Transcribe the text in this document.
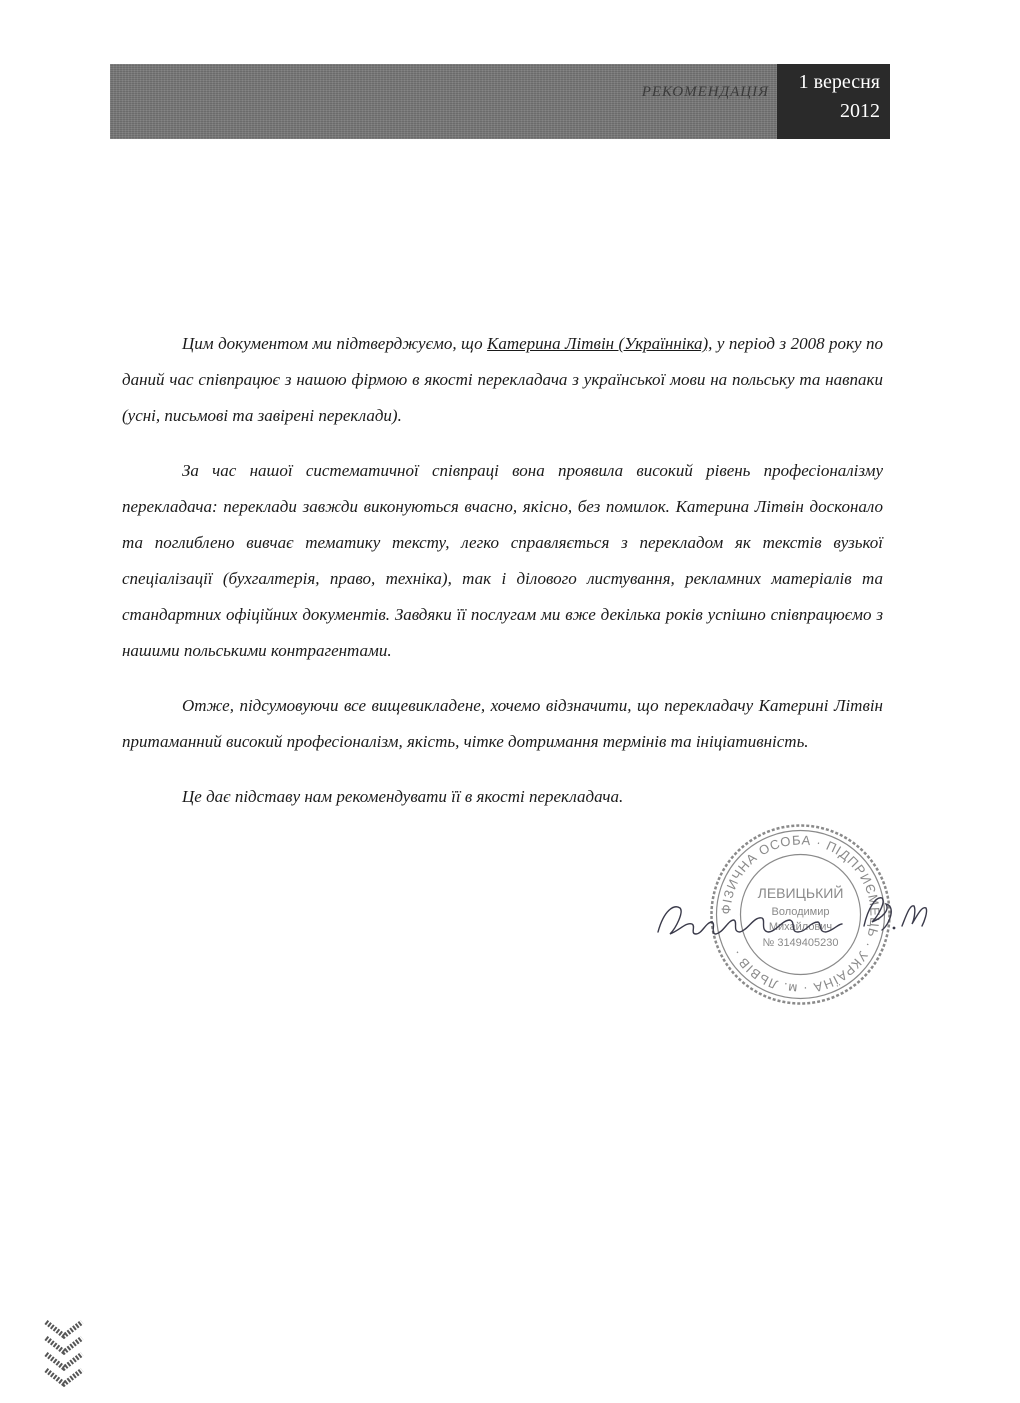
РЕКОМЕНДАЦІЯ	1 вересня
2012

Цим документом ми підтверджуємо, що Катерина Літвін (Українніка), у період з 2008 року по даний час співпрацює з нашою фірмою в якості перекладача з української мови на польську та навпаки (усні, письмові та завірені переклади).

За час нашої систематичної співпраці вона проявила високий рівень професіоналізму перекладача: переклади завжди виконуються вчасно, якісно, без помилок. Катерина Літвін досконало та поглиблено вивчає тематику тексту, легко справляється з перекладом як текстів вузької спеціалізації (бухгалтерія, право, техніка), так і ділового листування, рекламних матеріалів та стандартних офіційних документів. Завдяки її послугам ми вже декілька років успішно співпрацюємо з нашими польськими контрагентами.

Отже, підсумовуючи все вищевикладене, хочемо відзначити, що перекладачу Катерині Літвін притаманний високий професіоналізм, якість, чітке дотримання термінів та ініціативність.

Це дає підставу нам рекомендувати її в якості перекладача.

ФІЗИЧНА ОСОБА · ПІДПРИЄМЕЦЬ · УКРАЇНА · м. ЛЬВІВ ·
ЛЕВИЦЬКИЙ
Володимир
Михайлович
№ 3149405230
